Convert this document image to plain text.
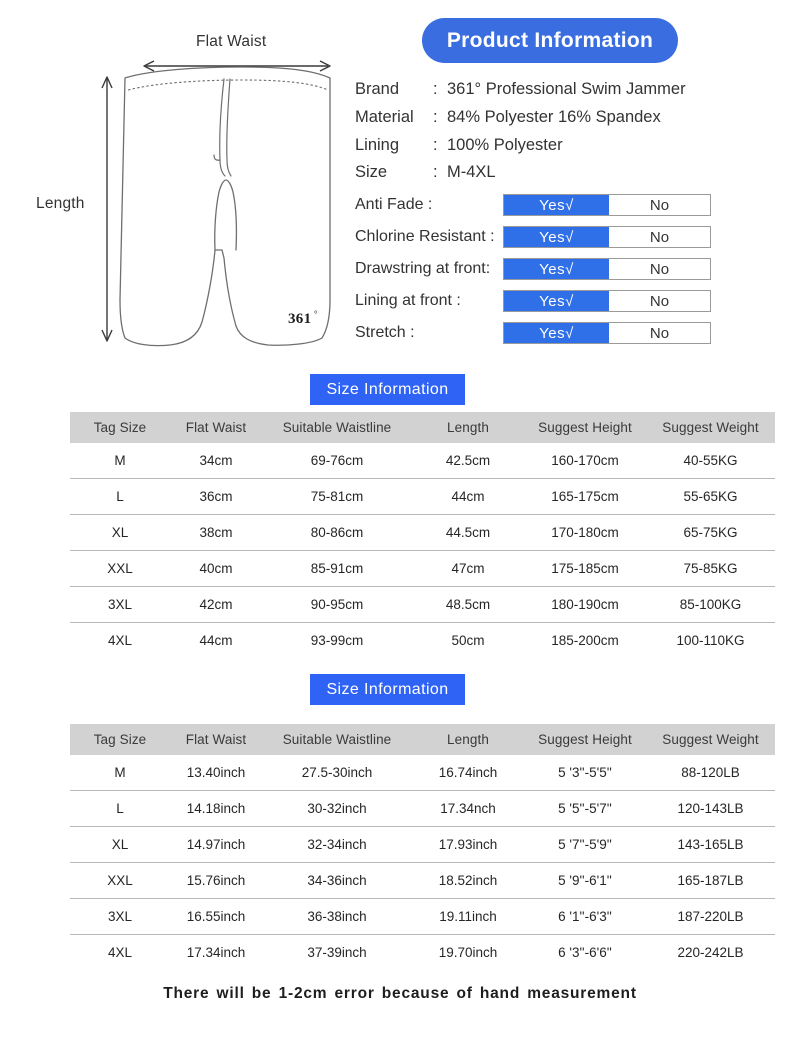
361 °
Flat Waist
Length
Product Information
Brand	: 361° Professional Swim Jammer
Material	: 84% Polyester 16% Spandex
Lining	: 100% Polyester
Size	: M-4XL
Anti Fade :	Yes√	No
Chlorine Resistant :	Yes√	No
Drawstring at front:	Yes√	No
Lining at front :	Yes√	No
Stretch :	Yes√	No
Size Information
Tag Size	Flat Waist	Suitable Waistline	Length	Suggest Height	Suggest Weight
M	34cm	69-76cm	42.5cm	160-170cm	40-55KG
L	36cm	75-81cm	44cm	165-175cm	55-65KG
XL	38cm	80-86cm	44.5cm	170-180cm	65-75KG
XXL	40cm	85-91cm	47cm	175-185cm	75-85KG
3XL	42cm	90-95cm	48.5cm	180-190cm	85-100KG
4XL	44cm	93-99cm	50cm	185-200cm	100-110KG
Size Information
Tag Size	Flat Waist	Suitable Waistline	Length	Suggest Height	Suggest Weight
M	13.40inch	27.5-30inch	16.74inch	5 '3''-5'5''	88-120LB
L	14.18inch	30-32inch	17.34nch	5 '5''-5'7''	120-143LB
XL	14.97inch	32-34inch	17.93inch	5 '7''-5'9''	143-165LB
XXL	15.76inch	34-36inch	18.52inch	5 '9''-6'1''	165-187LB
3XL	16.55inch	36-38inch	19.11inch	6 '1''-6'3''	187-220LB
4XL	17.34inch	37-39inch	19.70inch	6 '3''-6'6''	220-242LB
There will be 1-2cm error because of hand measurement
